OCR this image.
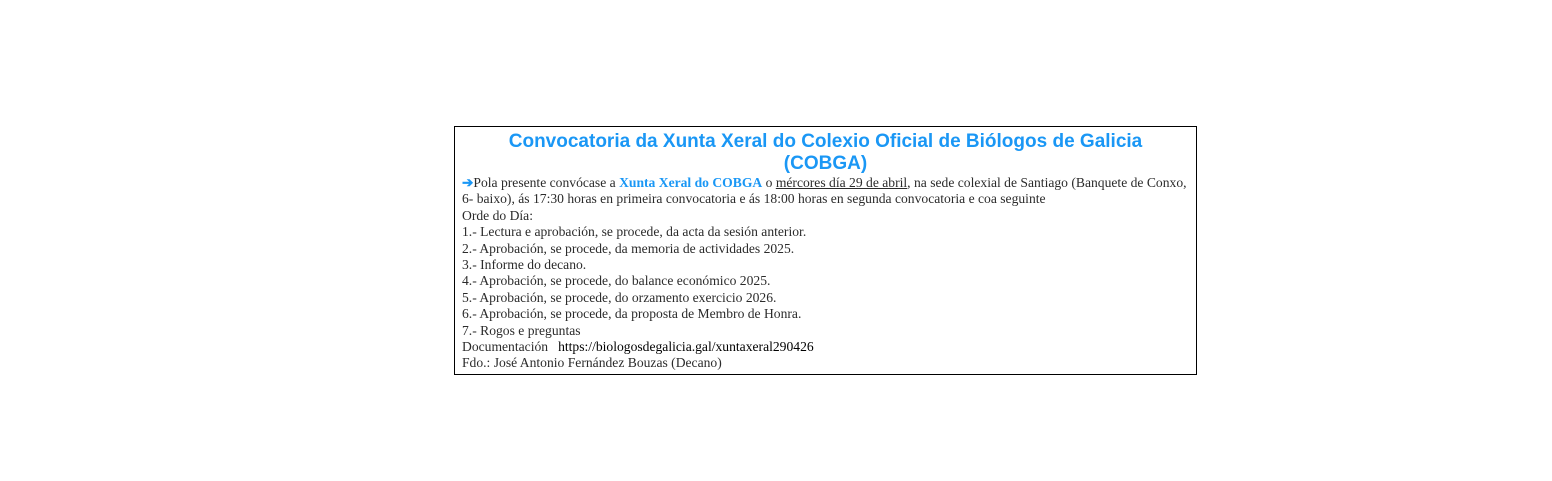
Convocatoria da Xunta Xeral do Colexio Oficial de Biólogos de Galicia
(COBGA)

➔Pola presente convócase a Xunta Xeral do COBGA o mércores día 29 de abril, na sede colexial de Santiago (Banquete de Conxo, 6- baixo), ás 17:30 horas en primeira convocatoria e ás 18:00 horas en segunda convocatoria e coa seguinte

Orde do Día:

1.- Lectura e aprobación, se procede, da acta da sesión anterior.

2.- Aprobación, se procede, da memoria de actividades 2025.

3.- Informe do decano.

4.- Aprobación, se procede, do balance económico 2025.

5.- Aprobación, se procede, do orzamento exercicio 2026.

6.- Aprobación, se procede, da proposta de Membro de Honra.

7.- Rogos e preguntas

Documentación https://biologosdegalicia.gal/xuntaxeral290426

Fdo.: José Antonio Fernández Bouzas (Decano)
